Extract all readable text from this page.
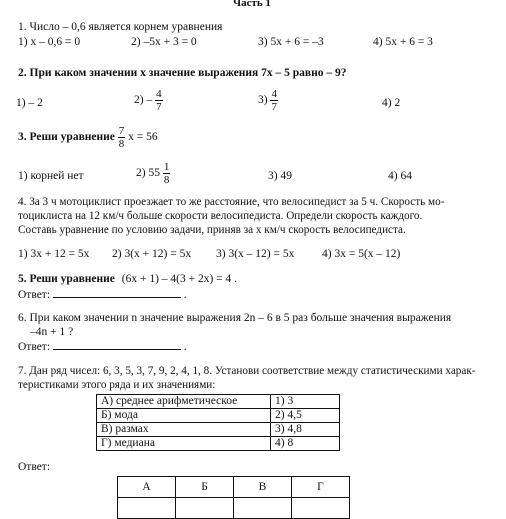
Часть 1
1. Число – 0,6 является корнем уравнения
1) x – 0,6 = 0	2) –5x + 3 = 0	3) 5x + 6 = –3	4) 5x + 6 = 3
2. При каком значении x значение выражения 7x – 5 равно – 9?
1) – 2	$2) - \frac{4}{7}$	$3) \frac{4}{7}$	4) 2
3. Реши уравнение $\frac{7}{8}$ x = 56
1) корней нет	2) $55 \frac{1}{8}$	3) 49	4) 64
4. За 3 ч мотоциклист проезжает то же расстояние, что велосипедист за 5 ч. Скорость мо-
тоциклиста на 12 км/ч больше скорости велосипедиста. Определи скорость каждого.
Составь уравнение по условию задачи, приняв за x км/ч скорость велосипедиста.
1) 3x + 12 = 5x 2) 3(x + 12) = 5x 3) 3(x – 12) = 5x 4) 3x = 5(x – 12)
5. Реши уравнение (6x + 1) – 4(3 + 2x) = 4 .
Ответ:	.
6. При каком значении n значение выражения 2n – 6 в 5 раз больше значения выражения
–4n + 1 ?
Ответ:	.
7. Дан ряд чисел: 6, 3, 5, 3, 7, 9, 2, 4, 1, 8. Установи соответствие между статистическими харак-
теристиками этого ряда и их значениями:
А) среднее арифметическое	1) 3
Б) мода	2) 4,5
В) размах	3) 4,8
Г) медиана	4) 8
Ответ:
А	Б	В	Г
